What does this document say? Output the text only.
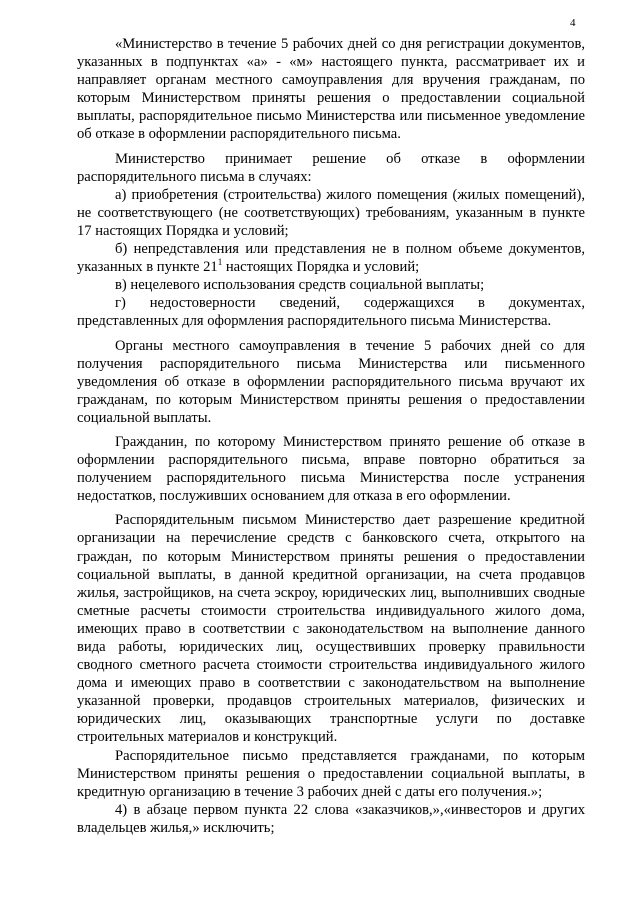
4

«Министерство в течение 5 рабочих дней со дня регистрации документов, указанных в подпунктах «а» - «м» настоящего пункта, рассматривает их и направляет органам местного самоуправления для вручения гражданам, по которым Министерством приняты решения о предоставлении социальной выплаты, распорядительное письмо Министерства или письменное уведомление об отказе в оформлении распорядительного письма.

Министерство принимает решение об отказе в оформлении распорядительного письма в случаях:

а) приобретения (строительства) жилого помещения (жилых помещений), не соответствующего (не соответствующих) требованиям, указанным в пункте 17 настоящих Порядка и условий;

б) непредставления или представления не в полном объеме документов, указанных в пункте $21^1$ настоящих Порядка и условий;

в) нецелевого использования средств социальной выплаты;

г) недостоверности сведений, содержащихся в документах, представленных для оформления распорядительного письма Министерства.

Органы местного самоуправления в течение 5 рабочих дней со для получения распорядительного письма Министерства или письменного уведомления об отказе в оформлении распорядительного письма вручают их гражданам, по которым Министерством приняты решения о предоставлении социальной выплаты.

Гражданин, по которому Министерством принято решение об отказе в оформлении распорядительного письма, вправе повторно обратиться за получением распорядительного письма Министерства после устранения недостатков, послуживших основанием для отказа в его оформлении.

Распорядительным письмом Министерство дает разрешение кредитной организации на перечисление средств с банковского счета, открытого на граждан, по которым Министерством приняты решения о предоставлении социальной выплаты, в данной кредитной организации, на счета продавцов жилья, застройщиков, на счета эскроу, юридических лиц, выполнивших сводные сметные расчеты стоимости строительства индивидуального жилого дома, имеющих право в соответствии с законодательством на выполнение данного вида работы, юридических лиц, осуществивших проверку правильности сводного сметного расчета стоимости строительства индивидуального жилого дома и имеющих право в соответствии с законодательством на выполнение указанной проверки, продавцов строительных материалов, физических и юридических лиц, оказывающих транспортные услуги по доставке строительных материалов и конструкций.

Распорядительное письмо представляется гражданами, по которым Министерством приняты решения о предоставлении социальной выплаты, в кредитную организацию в течение 3 рабочих дней с даты его получения.»;

4) в абзаце первом пункта 22 слова «заказчиков,»,«инвесторов и других владельцев жилья,» исключить;
